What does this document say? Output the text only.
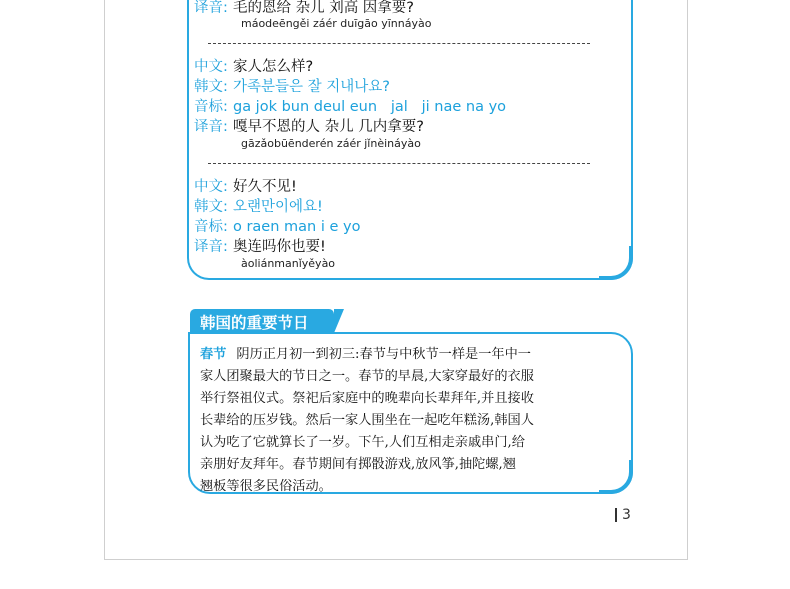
译音: 毛的恩给 杂儿 刘高 因拿要?
máodeēngěi záér duīgāo yīnnáyào
中文: 家人怎么样?
韩文: 가족분들은 잘 지내나요?
音标: ga jok bun deul eun   jal   ji nae na yo
译音: 嘎早不恩的人 杂儿 几内拿要?
gāzǎobūēnderén záér jǐnèináyào
中文: 好久不见!
韩文: 오랜만이에요!
音标: o raen man i e yo
译音: 奥连吗你也要!
àoliánmanǐyěyào
韩国的重要节日
春节 阴历正月初一到初三:春节与中秋节一样是一年中一
家人团聚最大的节日之一。春节的早晨,大家穿最好的衣服
举行祭祖仪式。祭祀后家庭中的晚辈向长辈拜年,并且接收
长辈给的压岁钱。然后一家人围坐在一起吃年糕汤,韩国人
认为吃了它就算长了一岁。下午,人们互相走亲戚串门,给
亲朋好友拜年。春节期间有掷骰游戏,放风筝,抽陀螺,翘
翘板等很多民俗活动。
3
